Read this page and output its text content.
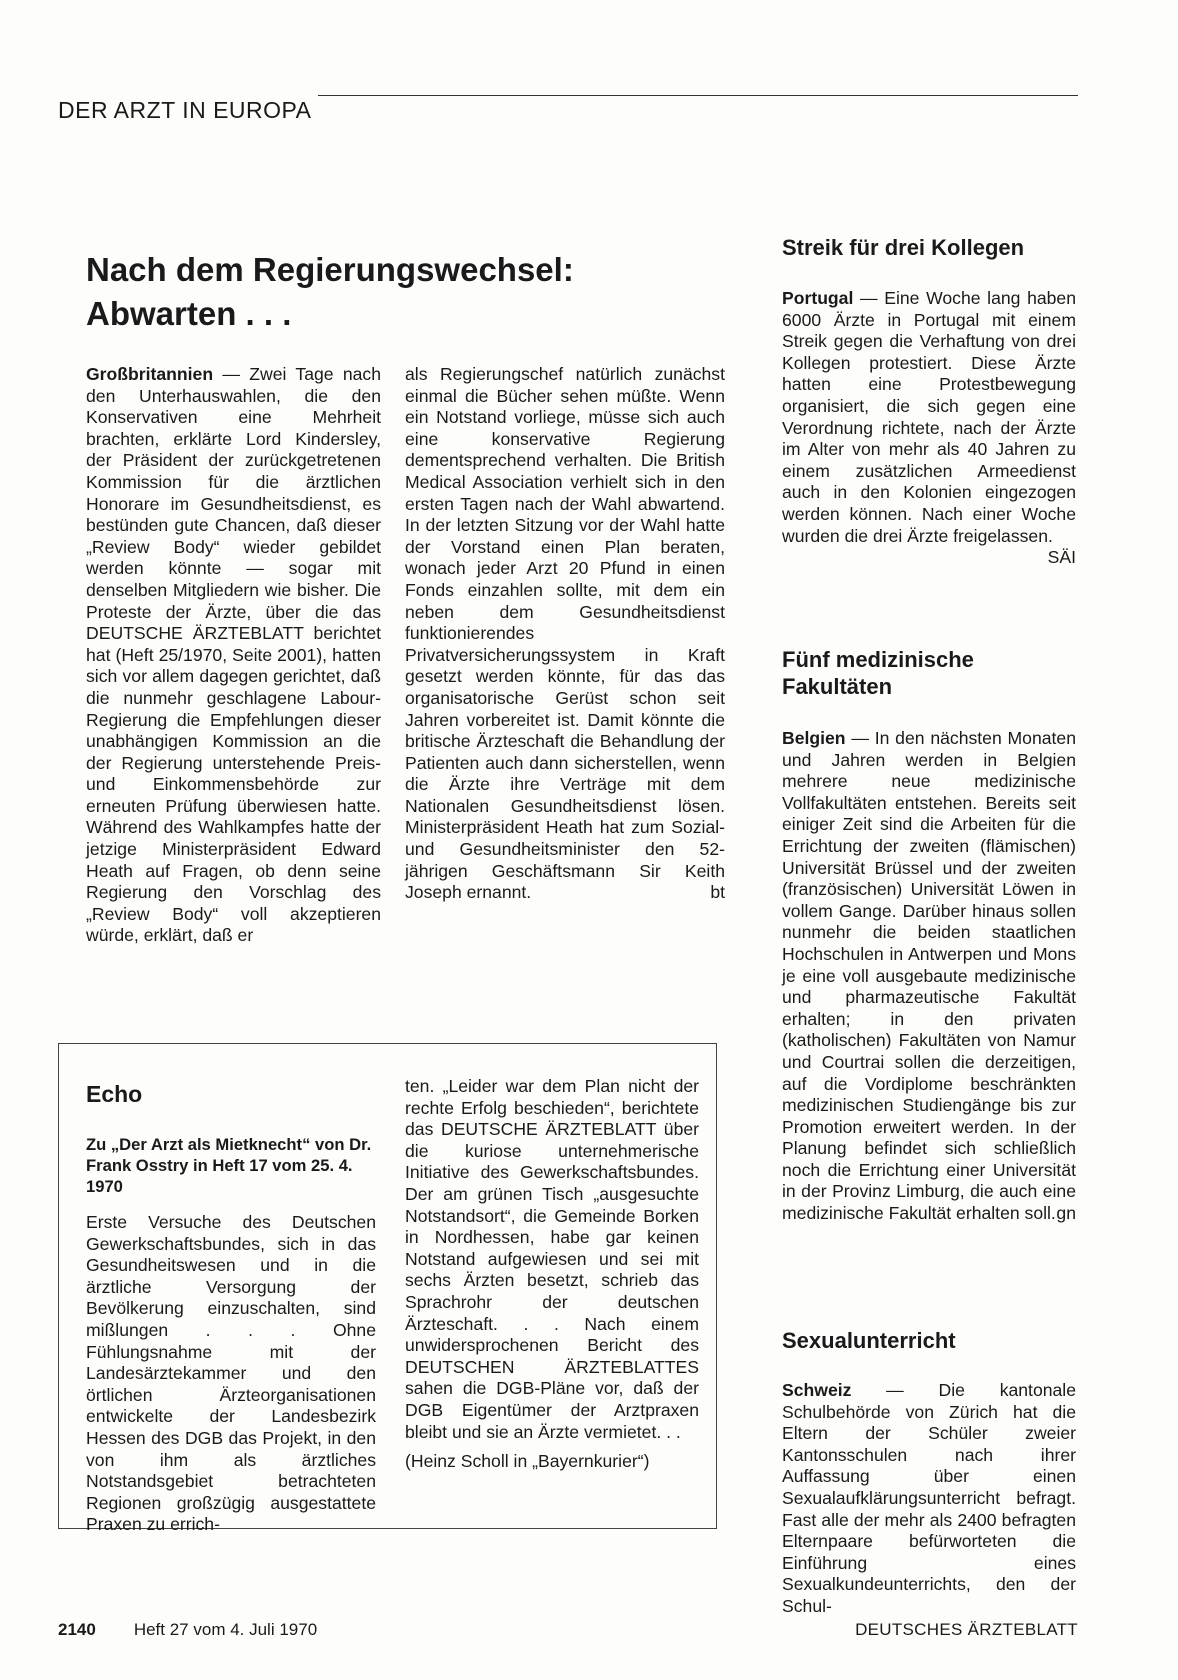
DER ARZT IN EUROPA
Nach dem Regierungswechsel:
Abwarten . . .

Großbritannien — Zwei Tage nach den Unterhauswahlen, die den Konservativen eine Mehrheit brachten, erklärte Lord Kindersley, der Präsident der zurückgetretenen Kommission für die ärztlichen Honorare im Gesundheitsdienst, es bestünden gute Chancen, daß dieser „Review Body“ wieder gebildet werden könnte — sogar mit denselben Mitgliedern wie bisher. Die Proteste der Ärzte, über die das DEUTSCHE ÄRZTEBLATT berichtet hat (Heft 25/1970, Seite 2001), hatten sich vor allem dagegen gerichtet, daß die nunmehr geschlagene Labour-Regierung die Empfehlungen dieser unabhängigen Kommission an die der Regierung unterstehende Preis- und Einkommensbehörde zur erneuten Prüfung überwiesen hatte. Während des Wahlkampfes hatte der jetzige Ministerpräsident Edward Heath auf Fragen, ob denn seine Regierung den Vorschlag des „Review Body“ voll akzeptieren würde, erklärt, daß er

als Regierungschef natürlich zunächst einmal die Bücher sehen müßte. Wenn ein Notstand vorliege, müsse sich auch eine konservative Regierung dementsprechend verhalten. Die British Medical Association verhielt sich in den ersten Tagen nach der Wahl abwartend. In der letzten Sitzung vor der Wahl hatte der Vorstand einen Plan beraten, wonach jeder Arzt 20 Pfund in einen Fonds einzahlen sollte, mit dem ein neben dem Gesundheitsdienst funktionierendes Privatversicherungssystem in Kraft gesetzt werden könnte, für das das organisatorische Gerüst schon seit Jahren vorbereitet ist. Damit könnte die britische Ärzteschaft die Behandlung der Patienten auch dann sicherstellen, wenn die Ärzte ihre Verträge mit dem Nationalen Gesundheitsdienst lösen. Ministerpräsident Heath hat zum Sozial- und Gesundheitsminister den 52-jährigen Geschäftsmann Sir Keith Joseph ernannt.	bt

Streik für drei Kollegen

Portugal — Eine Woche lang haben 6000 Ärzte in Portugal mit einem Streik gegen die Verhaftung von drei Kollegen protestiert. Diese Ärzte hatten eine Protestbewegung organisiert, die sich gegen eine Verordnung richtete, nach der Ärzte im Alter von mehr als 40 Jahren zu einem zusätzlichen Armeedienst auch in den Kolonien eingezogen werden können. Nach einer Woche wurden die drei Ärzte freigelassen.
SÄI

Fünf medizinische
Fakultäten

Belgien — In den nächsten Monaten und Jahren werden in Belgien mehrere neue medizinische Vollfakultäten entstehen. Bereits seit einiger Zeit sind die Arbeiten für die Errichtung der zweiten (flämischen) Universität Brüssel und der zweiten (französischen) Universität Löwen in vollem Gange. Darüber hinaus sollen nunmehr die beiden staatlichen Hochschulen in Antwerpen und Mons je eine voll ausgebaute medizinische und pharmazeutische Fakultät erhalten; in den privaten (katholischen) Fakultäten von Namur und Courtrai sollen die derzeitigen, auf die Vordiplome beschränkten medizinischen Studiengänge bis zur Promotion erweitert werden. In der Planung befindet sich schließlich noch die Errichtung einer Universität in der Provinz Limburg, die auch eine medizinische Fakultät erhalten soll. gn

Sexualunterricht

Schweiz — Die kantonale Schulbehörde von Zürich hat die Eltern der Schüler zweier Kantonsschulen nach ihrer Auffassung über einen Sexualaufklärungsunterricht befragt. Fast alle der mehr als 2400 befragten Elternpaare befürworteten die Einführung eines Sexualkundeunterrichts, den der Schul-

Echo

Zu „Der Arzt als Mietknecht“ von Dr. Frank Osstry in Heft 17 vom 25. 4. 1970

Erste Versuche des Deutschen Gewerkschaftsbundes, sich in das Gesundheitswesen und in die ärztliche Versorgung der Bevölkerung einzuschalten, sind mißlungen . . . Ohne Fühlungsnahme mit der Landesärztekammer und den örtlichen Ärzteorganisationen entwickelte der Landesbezirk Hessen des DGB das Projekt, in den von ihm als ärztliches Notstandsgebiet betrachteten Regionen großzügig ausgestattete Praxen zu errich-

ten. „Leider war dem Plan nicht der rechte Erfolg beschieden“, berichtete das DEUTSCHE ÄRZTEBLATT über die kuriose unternehmerische Initiative des Gewerkschaftsbundes. Der am grünen Tisch „ausgesuchte Notstandsort“, die Gemeinde Borken in Nordhessen, habe gar keinen Notstand aufgewiesen und sei mit sechs Ärzten besetzt, schrieb das Sprachrohr der deutschen Ärzteschaft. . . Nach einem unwidersprochenen Bericht des DEUTSCHEN ÄRZTEBLATTES sahen die DGB-Pläne vor, daß der DGB Eigentümer der Arztpraxen bleibt und sie an Ärzte vermietet. . .
(Heinz Scholl in „Bayernkurier“)

2140 Heft 27 vom 4. Juli 1970	DEUTSCHES ÄRZTEBLATT
